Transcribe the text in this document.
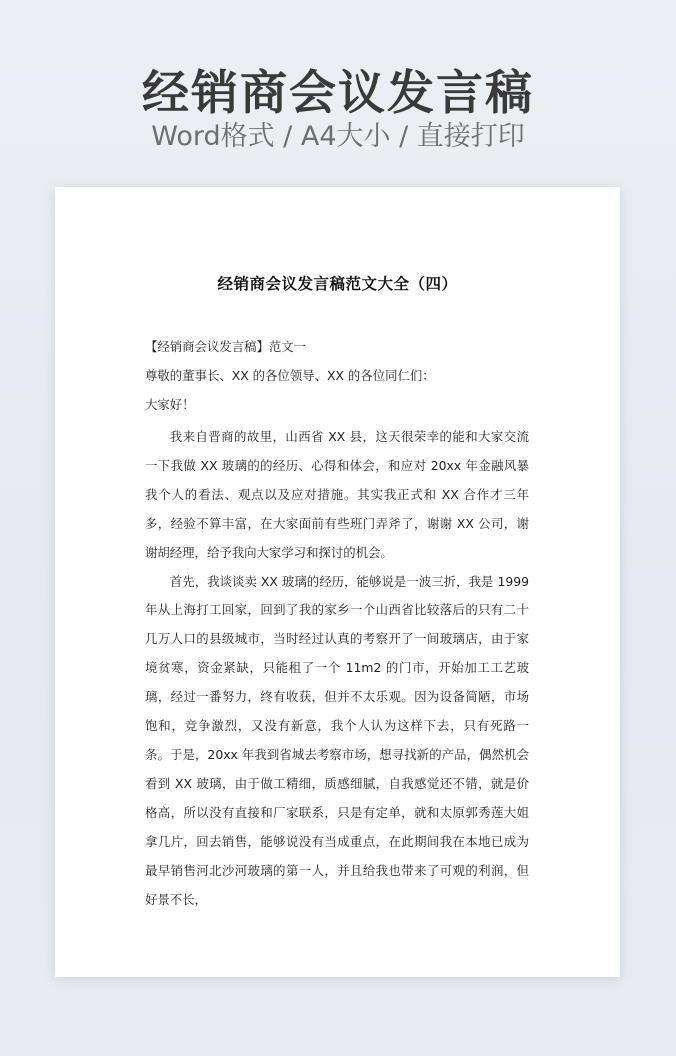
经销商会议发言稿
Word格式 / A4大小 / 直接打印
经销商会议发言稿范文大全（四）
【经销商会议发言稿】范文一
尊敬的董事长、XX 的各位领导、XX 的各位同仁们：
大家好！

我来自晋商的故里，山西省 XX 县，这天很荣幸的能和大家交流一下我做 XX 玻璃的的经历、心得和体会，和应对 20xx 年金融风暴我个人的看法、观点以及应对措施。其实我正式和 XX 合作才三年多，经验不算丰富，在大家面前有些班门弄斧了，谢谢 XX 公司，谢谢胡经理，给予我向大家学习和探讨的机会。

首先，我谈谈卖 XX 玻璃的经历，能够说是一波三折，我是 1999 年从上海打工回家，回到了我的家乡一个山西省比较落后的只有二十几万人口的县级城市，当时经过认真的考察开了一间玻璃店，由于家境贫寒，资金紧缺，只能租了一个 11m2 的门市，开始加工工艺玻璃，经过一番努力，终有收获，但并不太乐观。因为设备简陋，市场饱和，竞争激烈，又没有新意，我个人认为这样下去，只有死路一条。于是，20xx 年我到省城去考察市场，想寻找新的产品，偶然机会看到 XX 玻璃，由于做工精细，质感细腻，自我感觉还不错，就是价格高，所以没有直接和厂家联系，只是有定单，就和太原郭秀莲大姐拿几片，回去销售，能够说没有当成重点，在此期间我在本地已成为最早销售河北沙河玻璃的第一人，并且给我也带来了可观的利润，但好景不长，
